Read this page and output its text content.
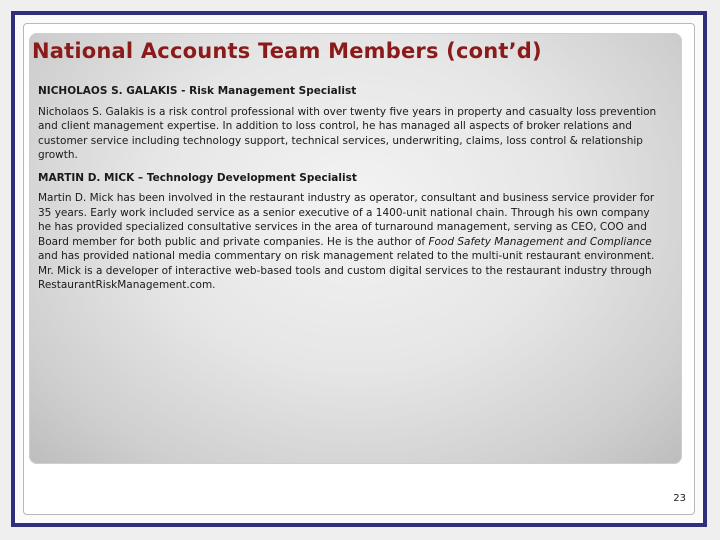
National Accounts Team Members (cont’d)

NICHOLAOS S. GALAKIS - Risk Management Specialist

Nicholaos S. Galakis is a risk control professional with over twenty five years in property and casualty loss prevention and client management expertise. In addition to loss control, he has managed all aspects of broker relations and customer service including technology support, technical services, underwriting, claims, loss control & relationship growth.

MARTIN D. MICK – Technology Development Specialist

Martin D. Mick has been involved in the restaurant industry as operator, consultant and business service provider for 35 years. Early work included service as a senior executive of a 1400-unit national chain. Through his own company he has provided specialized consultative services in the area of turnaround management, serving as CEO, COO and Board member for both public and private companies. He is the author of Food Safety Management and Compliance and has provided national media commentary on risk management related to the multi-unit restaurant environment. Mr. Mick is a developer of interactive web-based tools and custom digital services to the restaurant industry through RestaurantRiskManagement.com.

23
